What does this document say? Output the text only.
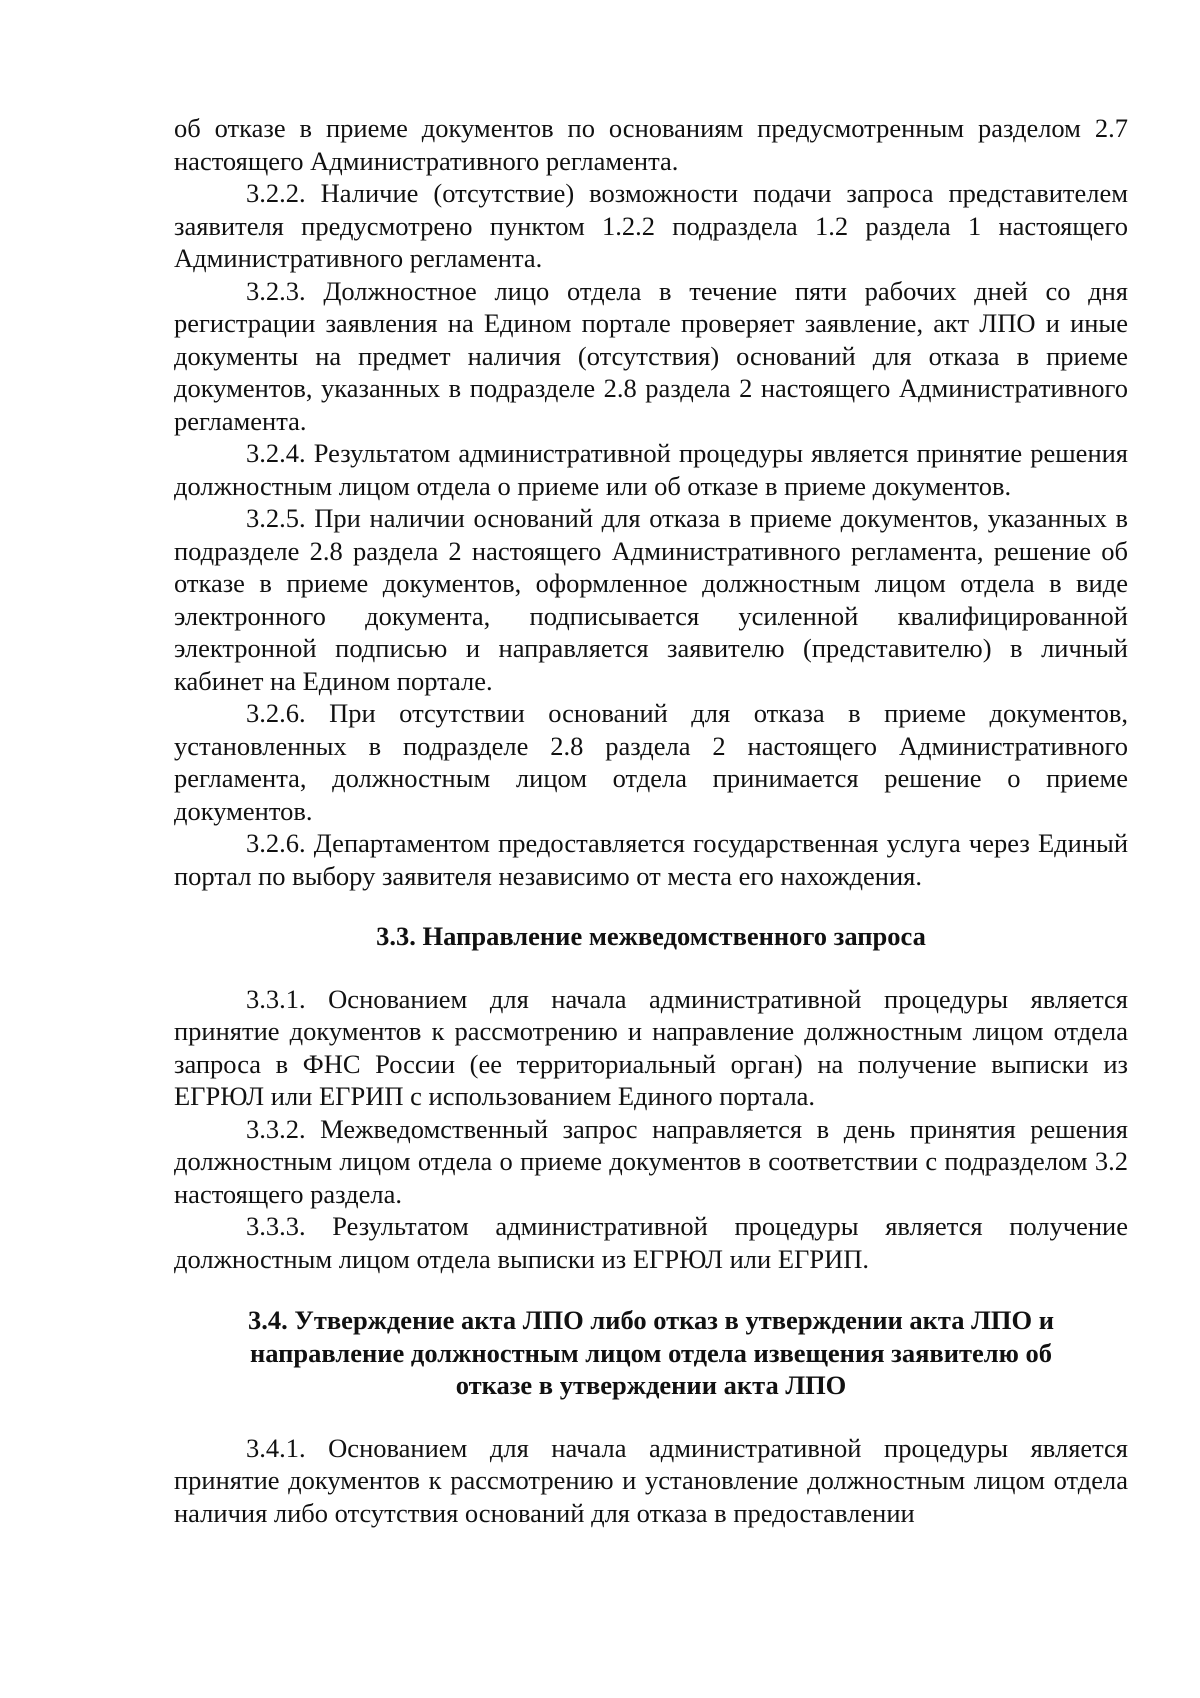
об отказе в приеме документов по основаниям предусмотренным разделом 2.7 настоящего Административного регламента.

3.2.2. Наличие (отсутствие) возможности подачи запроса представителем заявителя предусмотрено пунктом 1.2.2 подраздела 1.2 раздела 1 настоящего Административного регламента.

3.2.3. Должностное лицо отдела в течение пяти рабочих дней со дня регистрации заявления на Едином портале проверяет заявление, акт ЛПО и иные документы на предмет наличия (отсутствия) оснований для отказа в приеме документов, указанных в подразделе 2.8 раздела 2 настоящего Административного регламента.

3.2.4. Результатом административной процедуры является принятие решения должностным лицом отдела о приеме или об отказе в приеме документов.

3.2.5. При наличии оснований для отказа в приеме документов, указанных в подразделе 2.8 раздела 2 настоящего Административного регламента, решение об отказе в приеме документов, оформленное должностным лицом отдела в виде электронного документа, подписывается усиленной квалифицированной электронной подписью и направляется заявителю (представителю) в личный кабинет на Едином портале.

3.2.6. При отсутствии оснований для отказа в приеме документов, установленных в подразделе 2.8 раздела 2 настоящего Административного регламента, должностным лицом отдела принимается решение о приеме документов.

3.2.6. Департаментом предоставляется государственная услуга через Единый портал по выбору заявителя независимо от места его нахождения.

3.3. Направление межведомственного запроса

3.3.1. Основанием для начала административной процедуры является принятие документов к рассмотрению и направление должностным лицом отдела запроса в ФНС России (ее территориальный орган) на получение выписки из ЕГРЮЛ или ЕГРИП с использованием Единого портала.

3.3.2. Межведомственный запрос направляется в день принятия решения должностным лицом отдела о приеме документов в соответствии с подразделом 3.2 настоящего раздела.

3.3.3. Результатом административной процедуры является получение должностным лицом отдела выписки из ЕГРЮЛ или ЕГРИП.

3.4. Утверждение акта ЛПО либо отказ в утверждении акта ЛПО и
направление должностным лицом отдела извещения заявителю об
отказе в утверждении акта ЛПО

3.4.1. Основанием для начала административной процедуры является принятие документов к рассмотрению и установление должностным лицом отдела наличия либо отсутствия оснований для отказа в предоставлении
